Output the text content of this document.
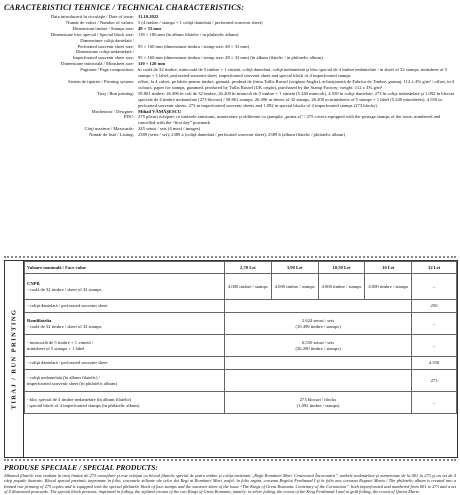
CARACTERISTICI TEHNICE / TECHNICAL CHARACTERISTICS:
Data introducerii în circulaţie / Date of issue: 11.10.2022
Număr de valori / Number of values: 5 (4 timbre / stamps + 1 coliţă dantelată / perforated souvenir sheet)
Dimensiuni timbre / Stamps size: 48 × 33 mm
Dimensiune bloc special / Special block size: 118 × 186 mm (în album filatelic / in philatelic album)
Dimensiune coliţă dantelată /
Perforated souvenir sheet size: 95 × 160 mm (dimensiune timbru / stamp size: 48 × 33 mm)
Dimensiune coliţă nedantelată /
Imperforated souvenir sheet size: 95 × 160 mm (dimensiune timbru / stamp size: 48 × 33 mm) (în album filatelic / in philatelic album)
Dimensiune minicoală / Minisheet size: 110 × 120 mm
Paginare / Page composition: în coală de 32 timbre, minicoală de 5 timbre + 1 vinietă, coliţă dantelată, coliţă nedantelată şi bloc special de 4 timbre nedantelate / in sheet of 32 stamps, minisheet of 5 stamps + 1 label, perforated souvenir sheet, imperforated souvenir sheet and special block of 4 imperforated stamps
Sistem de tipărire / Printing system: offset, la 4 culori, pe hârtie pentru timbre, gumată, produsă de firma Tullis Russel (originar Anglia), achiziţionată de Fabrica de Timbre, gramaj: 112 ± 4% g/m² / offset, in 4 colours, paper for stamps, gummed, produced by Tullis Russel (UK origin), purchased by the Stamp Factory; weight: 112 ± 4% g/m²
Tiraj / Run printing: 58.861 timbre: 26.496 în coli de 32 timbre, 26.200 în minicoli de 5 timbre + 1 vinietă (5.240 minicoli), 4.550 în coliţe dantelate, 273 în coliţe nedantelate şi 1.092 în blocuri speciale de 4 timbre nedantelate (273 blocuri) / 58.861 stamps: 26.496 in sheets of 32 stamps, 26.200 in minisheets of 5 stamps + 1 label (5.240 minisheets), 4.550 in perforated souvenir sheets, 273 in imperforated souvenir sheets and 1.092 in special blocks of 4 imperforated stamps (273 blocks)
Machetator / Designer: Mihail VĂMĂŞESCU
FDC: 275 plicuri echipate cu timbrele emisiunii, numerotate şi obliterate cu ştampila „prima zi” / 275 covers equipped with the postage stamps of the issue, numbered and cancelled with the “first day” postmark
Cărţi maxime / Maxicards: 245 seturi / sets (4 maxi / images)
Număr de listă / Listing: 2389 (serie / set); 2389 a (coliţă dantelată / perforated souvenir sheet); 2389 b (album filatelic / philatelic album)
TIRAJ / RUN PRINTING
Valoare nominală / Face value	2,70 Lei	3,90 Lei	10,50 Lei	16 Lei	32 Lei
CNPR
- coală de 32 timbre / sheet of 32 stamps	4.000 timbre / stamps	4.000 timbre / stamps	4.000 timbre / stamps	4.000 timbre / stamps	–
- coliţă dantelată / perforated souvenir sheet					250
Romfilatelia
- coală de 32 timbre / sheet of 32 stamps	2.624 seturi / sets
(10.496 timbre / stamps)				–
- minicoală de 5 timbre + 1 vinietă /
minisheet of 5 stamps + 1 label	6.550 seturi / sets
(26.200 timbre / stamps)				–
- coliţă dantelată / perforated souvenir sheet					4.550
- coliţă nedantelată (în album filatelic) /
imperforated souvenir sheet (in philatelic album)					273
- bloc special de 4 timbre nedantelate (în album filatelic)
/ special block of 4 imperforated stamps (in philatelic album)	273 blocuri / blocks
(1.092 timbre / stamps)				–
PRODUSE SPECIALE / SPECIAL PRODUCTS:
Albumul filatelic este realizat în tiraj limitat de 273 exemplare şi este echipat cu blocul filatelic special de patru timbre şi coliţa emisiunii „Regii României Mari. Centenarul Încoronării”, ambele nedantelate şi numerotate de la 001 la 273 şi un set de 4 cărţi poştale ilustrate. Blocul special prezintă, imprimate în folio, coroanele stilizate ale celor doi Regi ai României Mari, astfel: în folio argint, coroana Regelui Ferdinand I şi în folio aur, coroana Reginei Maria / The philatelic album is created into a limited run printing of 273 copies and is equipped with the special philatelic block of four stamps and the souvenir sheet of the issue “The Kings of Great Romania. Centenary of the Coronation”, both imperforated and numbered from 001 to 273 and a set of 4 illustrated postcards. The special block presents, imprinted in foiling, the stylized crowns of the two Kings of Great Romania, namely: in silver foiling, the crown of the King Ferdinand I and in gold foiling, the crown of Queen Marie.
